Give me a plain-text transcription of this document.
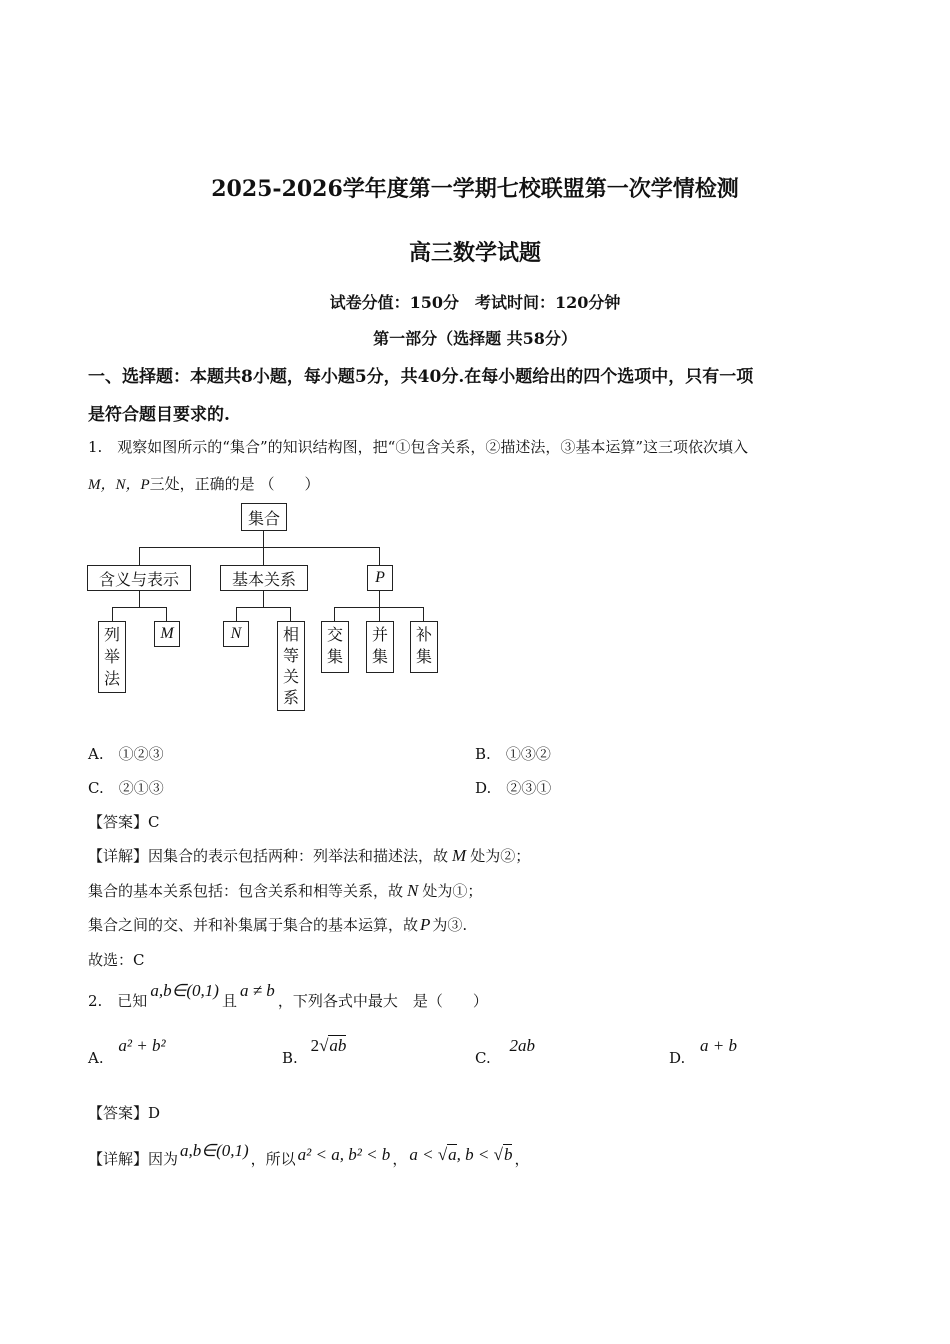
2025-2026学年度第一学期七校联盟第一次学情检测
高三数学试题
试卷分值：150分　考试时间：120分钟
第一部分（选择题 共58分）
一、选择题：本题共8小题，每小题5分，共40分.在每小题给出的四个选项中，只有一项
是符合题目要求的.
1.　观察如图所示的“集合”的知识结构图，把“①包含关系，②描述法，③基本运算”这三项依次填入
M，N，P三处，正确的是 （　　）
集合
含义与表示	基本关系	P
列举法
M	N	相等关系
交集
并集
补集
A.　 ①②③	B.　 ①③②
C.　 ②①③	D.　 ②③①
【答案】C
【详解】因集合的表示包括两种：列举法和描述法，故 M 处为②；
集合的基本关系包括：包含关系和相等关系，故 N 处为①；
集合之间的交、并和补集属于集合的基本运算，故 P 为③.
故选：C
2.　已知a,b∈(0,1)且a ≠ b，下列各式中最大　是（　　）
A. a² + b²
B. 2√ab
C. 2ab
D. a + b
【答案】D
【详解】因为 a,b∈(0,1) ，所以 a² < a, b² < b ， a < √a, b < √b ，
